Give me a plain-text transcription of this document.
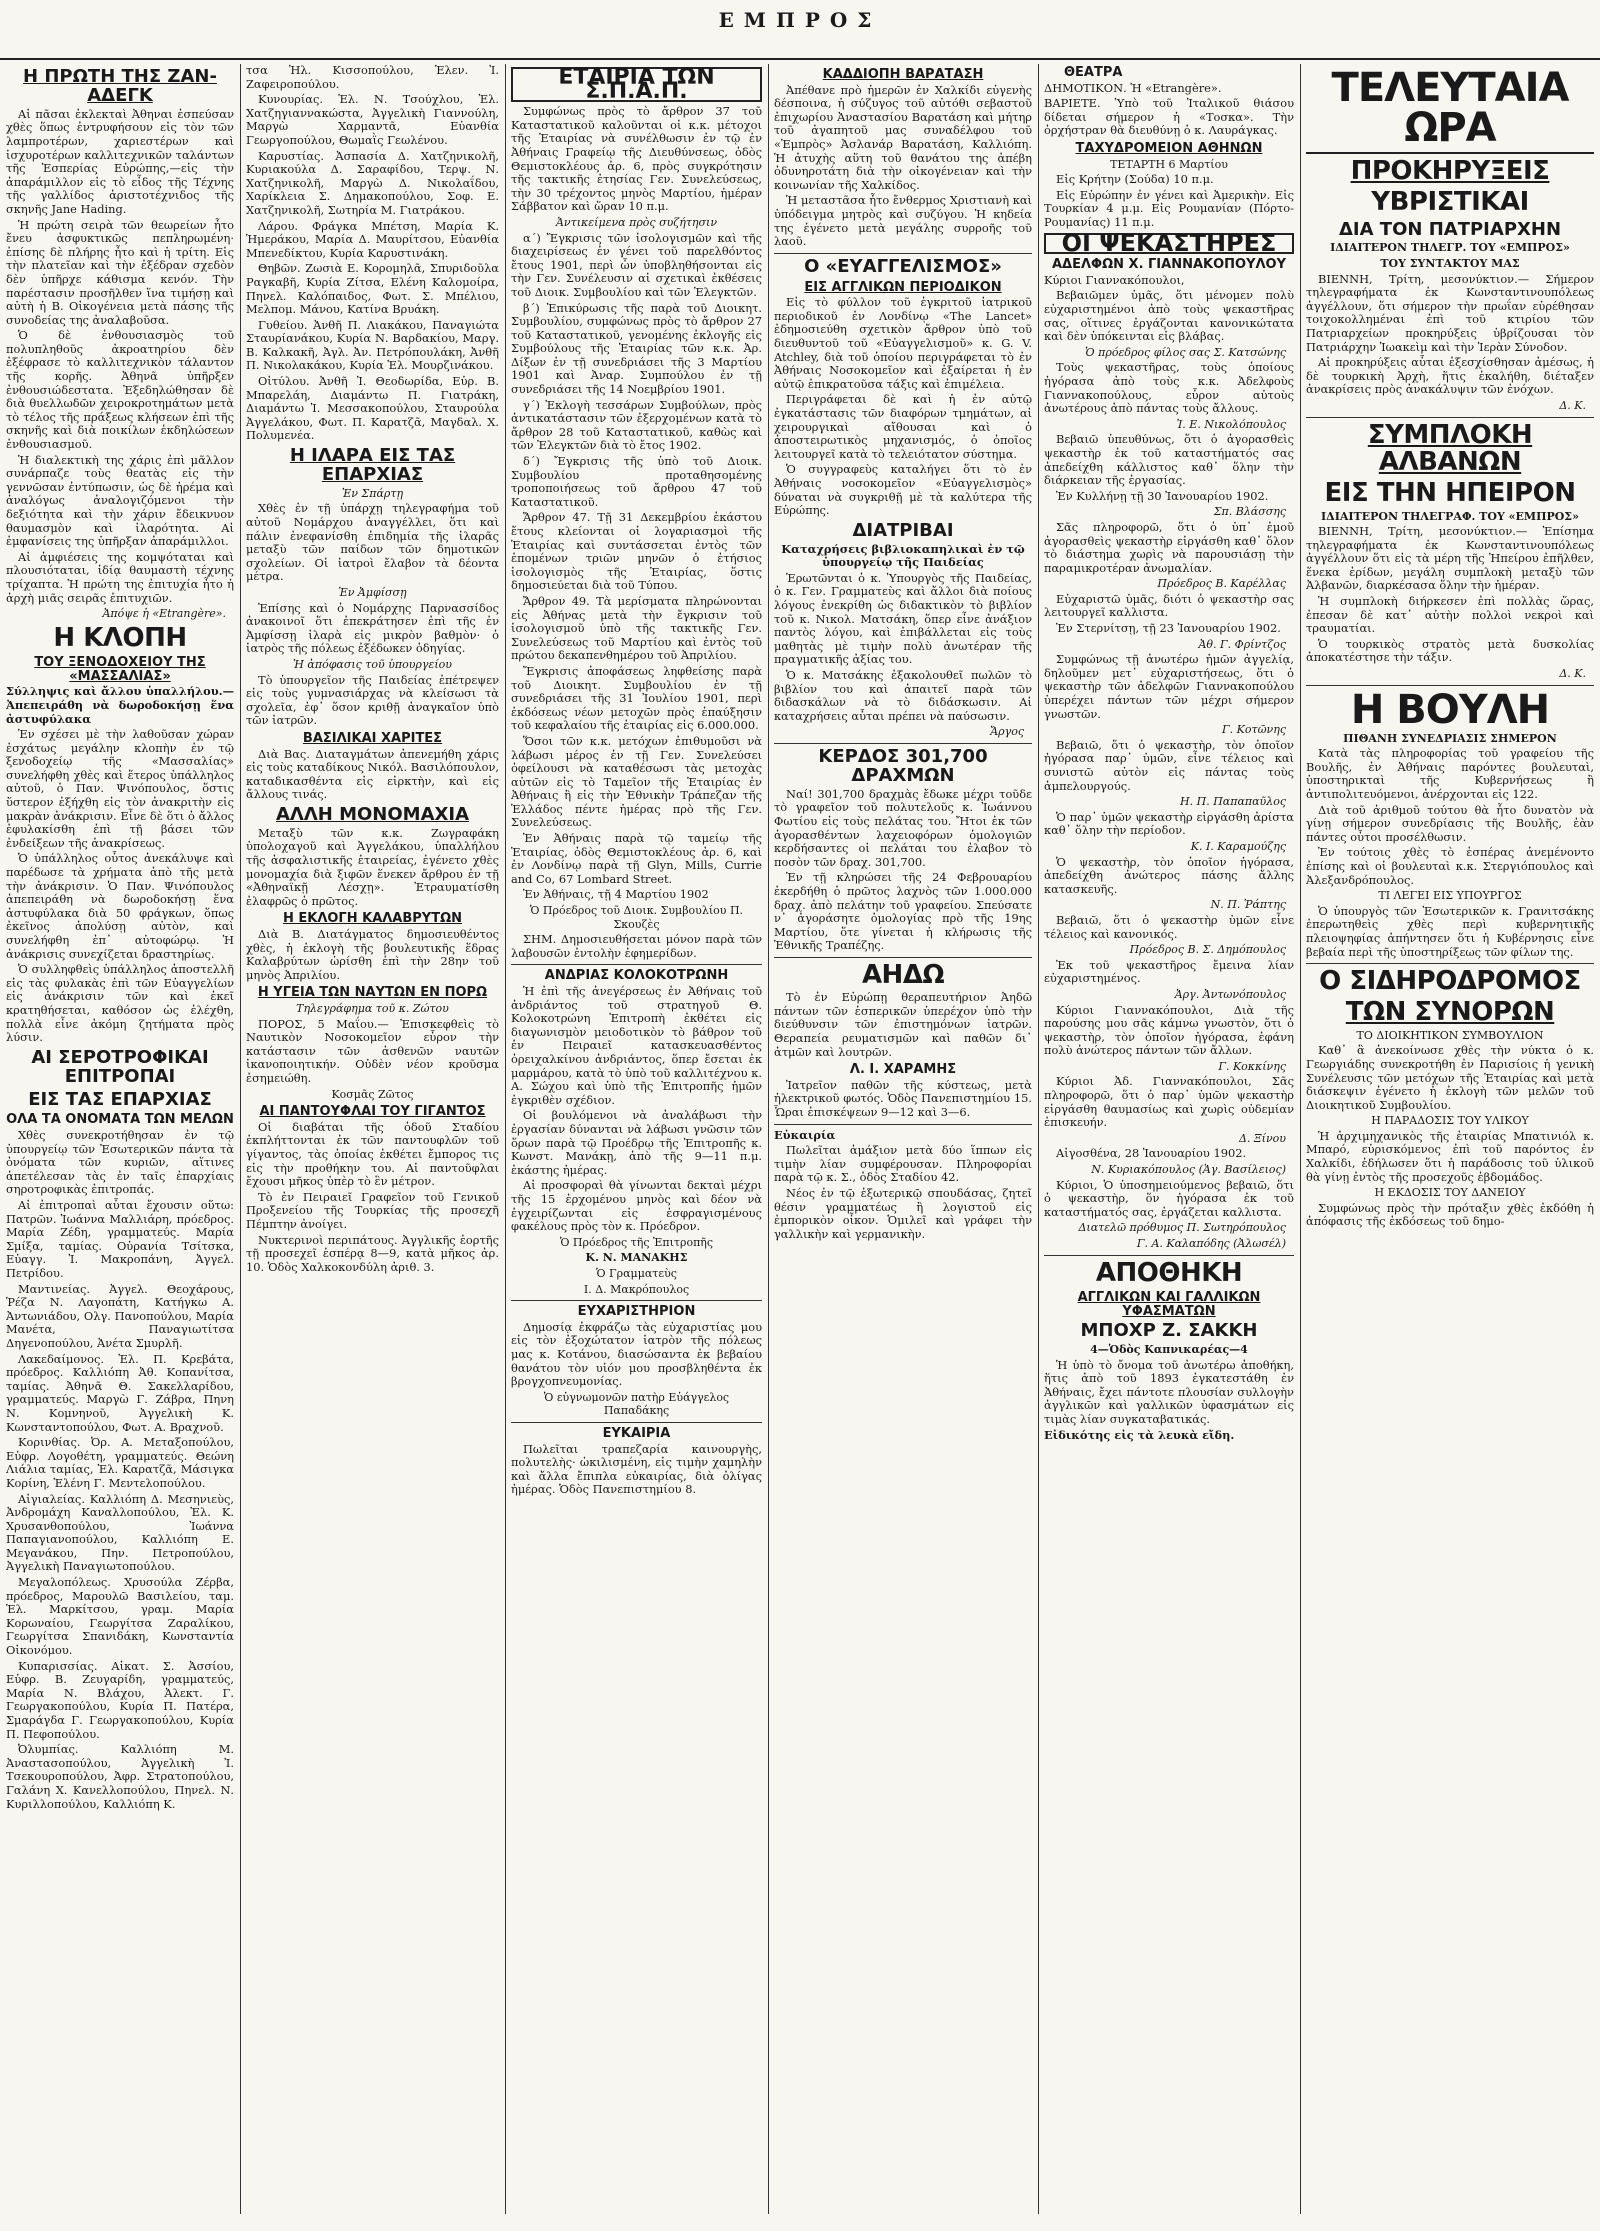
ΕΜΠΡΟΣ
Η ΠΡΩΤΗ ΤΗΣ ΖΑΝ-ΑΔΕΓΚ

Αἱ πᾶσαι ἐκλεκταὶ Ἀθηναι ἐσπεύσαν χθὲς ὅπως ἐντρυφήσουν εἰς τὸν τῶν λαμπροτέρων, χαριεστέρων καὶ ἰσχυροτέρων καλλιτεχνικῶν ταλάντων τῆς Ἑσπερίας Εὐρώπης,—εἰς τὴν ἀπαράμιλλον εἰς τὸ εἶδος τῆς Τέχνης τῆς γαλλίδος ἀριστοτέχνιδος τῆς σκηνῆς Jane Hading.

Ἡ πρώτη σειρὰ τῶν θεωρείων ἦτο ἔνευ ἀσφυκτικῶς πεπληρωμένη· ἐπίσης δὲ πλήρης ἦτο καὶ ἡ τρίτη. Εἰς τὴν πλατεῖαν καὶ τὴν ἐξέδραν σχεδὸν δὲν ὑπῆρχε κάθισμα κενόν. Τὴν παρέστασιν προσῆλθεν ἵνα τιμήσῃ καὶ αὐτὴ ἡ Β. Οἰκογένεια μετὰ πάσης τῆς συνοδείας της ἀναλαβοῦσα.

Ὁ δὲ ἐνθουσιασμὸς τοῦ πολυπληθοῦς ἀκροατηρίου δὲν ἐξέφρασε τὸ καλλιτεχνικὸν τάλαντον τῆς κορῆς. Ἀθηνᾶ ὑπῆρξεν ἐνθουσιώδεστατα. Ἐξεδηλώθησαν δὲ διὰ θυελλωδῶν χειροκροτημάτων μετὰ τὸ τέλος τῆς πράξεως κλήσεων ἐπὶ τῆς σκηνῆς καὶ διὰ ποικίλων ἐκδηλώσεων ἐνθουσιασμοῦ.

Ἡ διαλεκτικὴ της χάρις ἐπὶ μᾶλλον συνάρπαζε τοὺς θεατὰς εἰς τὴν γεννῶσαν ἐντύπωσιν, ὡς δὲ ἠρέμα καὶ ἀναλόγως ἀναλογιζόμενοι τὴν δεξιότητα καὶ τὴν χάριν ἔδεικνυον θαυμασμὸν καὶ ἱλαρότητα. Αἱ ἐμφανίσεις της ὑπῆρξαν ἀπαράμιλλοι.

Αἱ ἀμφιέσεις της κομψόταται καὶ πλουσιόταται, ἰδίᾳ θαυμαστὴ τέχνης τρίχαπτα. Ἡ πρώτη της ἐπιτυχία ἦτο ἡ ἀρχὴ μιᾶς σειρᾶς ἐπιτυχιῶν.

Ἀπόψε ἡ «Etrangère».
Η ΚΛΟΠΗ
ΤΟΥ ΞΕΝΟΔΟΧΕΙΟΥ ΤΗΣ «ΜΑΣΣΑΛΙΑΣ»

Σύλληψις καὶ ἄλλου ὑπαλλήλου.—Ἀπεπειράθη νὰ δωροδοκήσῃ ἕνα ἀστυφύλακα

Ἐν σχέσει μὲ τὴν λαθοῦσαν χώραν ἐσχάτως μεγάλην κλοπὴν ἐν τῷ ξενοδοχείῳ τῆς «Μασσαλίας» συνελήφθη χθὲς καὶ ἕτερος ὑπάλληλος αὐτοῦ, ὁ Παν. Ψινόπουλος, ὅστις ὕστερον ἐξήχθη εἰς τὸν ἀνακριτὴν εἰς μακρὰν ἀνάκρισιν. Εἶνε δὲ ὅτι ὁ ἄλλος ἐφυλακίσθη ἐπὶ τῇ βάσει τῶν ἐνδείξεων τῆς ἀνακρίσεως.

Ὁ ὑπάλληλος οὗτος ἀνεκάλυψε καὶ παρέδωσε τὰ χρήματα ἀπὸ τῆς μετὰ τὴν ἀνάκρισιν. Ὁ Παν. Ψινόπουλος ἀπεπειράθη νὰ δωροδοκήσῃ ἕνα ἀστυφύλακα διὰ 50 φράγκων, ὅπως ἐκεῖνος ἀπολύσῃ αὐτὸν, καὶ συνελήφθη ἐπ᾽ αὐτοφώρῳ. Ἡ ἀνάκρισις συνεχίζεται δραστηρίως.

Ὁ συλληφθεὶς ὑπάλληλος ἀποστελλῆ εἰς τὰς φυλακὰς ἐπὶ τῶν Εὐαγγελίων εἰς ἀνάκρισιν τῶν καὶ ἐκεῖ κρατηθήσεται, καθόσον ὡς ἐλέχθη, πολλὰ εἶνε ἀκόμη ζητήματα πρὸς λύσιν.

ΑΙ ΣΕΡΟΤΡΟΦΙΚΑΙ ΕΠΙΤΡΟΠΑΙ
ΕΙΣ ΤΑΣ ΕΠΑΡΧΙΑΣ
ΟΛΑ ΤΑ ΟΝΟΜΑΤΑ ΤΩΝ ΜΕΛΩΝ

Χθὲς συνεκροτήθησαν ἐν τῷ ὑπουργείῳ τῶν Ἐσωτερικῶν πάντα τὰ ὀνόματα τῶν κυριῶν, αἵτινες ἀπετέλεσαν τὰς ἐν ταῖς ἐπαρχίαις σηροτροφικὰς ἐπιτροπάς.

Αἱ ἐπιτροπαὶ αὗται ἔχουσιν οὕτω: Πατρῶν. Ἰωάννα Μαλλιάρη, πρόεδρος. Μαρία Ζέδη, γραμματεύς. Μαρία Σμίξα, ταμίας. Οὐρανία Τσίτσκα, Εὐαγγ. Ἰ. Μακροπάνη, Ἀγγελ. Πετρίδου.

Μαντινείας. Ἀγγελ. Θεοχάρους, Ῥέζα Ν. Λαγοπάτη, Κατήγκω Α. Ἀντωνιάδου, Ολγ. Πανοπούλου, Μαρία Μανέτα, Παναγιωτίτσα Δηγενοπούλου, Ἀνέτα Σμυρλῆ.

Λακεδαίμονος. Ἑλ. Π. Κρεβάτα, πρόεδρος. Καλλιόπη Ἀθ. Κοπανίτσα, ταμίας. Ἀθηνᾶ Θ. Σακελλαρίδου, γραμματεύς. Μαργὼ Γ. Ζάβρα, Πηνη Ν. Κομνηνοῦ, Ἀγγελικὴ Κ. Κωνσταντοπούλου, Φωτ. Α. Βραχνοῦ.

Κορινθίας. Ὀρ. Α. Μεταξοπούλου, Εὐφρ. Λογοθέτη, γραμματεύς. Θεώνη Λιάλια ταμίας, Ἑλ. Καρατζᾶ, Μάσιγκα Κορίνη, Ἑλένη Γ. Μεντελοπούλου.

Αἰγιαλείας. Καλλιόπη Δ. Μεσηνιεὺς, Ἀνδρομάχη Καναλλοπούλου, Ἑλ. Κ. Χρυσανθοπούλου, Ἰωάννα Παπαγιανοπούλου, Καλλιόπη Ε. Μεγανάκου, Πην. Πετροπούλου, Ἀγγελικὴ Παναγιωτοπούλου.

Μεγαλοπόλεως. Χρυσούλα Ζέρβα, πρόεδρος, Μαρουλῶ Βασιλείου, ταμ. Ἑλ. Μαρκίτσου, γραμ. Μαρία Κορωναίου, Γεωργίτσα Ζαραλίκου, Γεωργίτσα Σπανιδάκη, Κωνσταντία Οἰκονόμου.

Κυπαρισσίας. Αἰκατ. Σ. Ἀσσίου, Εὐφρ. Β. Ζευγαρίδη, γραμματεύς, Μαρία Ν. Βλάχου, Ἀλεκτ. Γ. Γεωργακοπούλου, Κυρία Π. Πατέρα, Σμαράγδα Γ. Γεωργακοπούλου, Κυρία Π. Πεφοπούλου.

Ὀλυμπίας. Καλλιόπη Μ. Ἀναστασοπούλου, Ἀγγελικὴ Ἰ. Τσεκουροπούλου, Ἀφρ. Στρατοπούλου, Γαλάνη Χ. Κανελλοπούλου, Πηνελ. Ν. Κυριλλοπούλου, Καλλιόπη Κ.

τσα Ἠλ. Κισσοπούλου, Ἑλεν. Ἰ. Ζαφειροπούλου.

Κυνουρίας. Ἑλ. Ν. Τσούχλου, Ἑλ. Χατζηγιαννακώστα, Ἀγγελικὴ Γιαννούλη, Μαργὼ Χαρμαντᾶ, Εὐανθία Γεωργοπούλου, Θωμαῒς Γεωλένου.

Καρυστίας. Ἀσπασία Δ. Χατζηνικολῆ, Κυριακούλα Δ. Σαραφίδου, Τερψ. Ν. Χατζηνικολῆ, Μαργὼ Δ. Νικολαΐδου, Χαρίκλεια Σ. Δημακοπούλου, Σοφ. Ε. Χατζηνικολῆ, Σωτηρία Μ. Γιατράκου.

Λάρου. Φράγκα Μπέτση, Μαρία Κ. Ἡμεράκου, Μαρία Δ. Μαυρίτσου, Εὐανθία Μπενεδίκτου, Κυρία Καρυστινάκη.

Θηβῶν. Ζωσιὰ Ε. Κορομηλᾶ, Σπυριδοῦλα Ραγκαβῆ, Κυρία Ζίτσα, Ελένη Καλομοίρα, Πηνελ. Καλόπαιδος, Φωτ. Σ. Μπέλιου, Μελπομ. Μάνου, Κατίνα Βρυάκη.

Γυθείου. Ἀνθῆ Π. Λιακάκου, Παναγιώτα Σταυρίανάκου, Κυρία Ν. Βαρδακίου, Μαργ. Β. Καλκακῆ, Ἀγλ. Ἀν. Πετρόπουλάκη, Ἀνθῆ Π. Νικολακάκου, Κυρία Ἑλ. Μουρζινάκου.

Οἰτύλου. Ἀνθῆ Ἰ. Θεοδωρίδα, Εὐρ. Β. Μπαρελάη, Διαμάντω Π. Γιατράκη, Διαμάντω Ἰ. Μεσσακοπούλου, Σταυρούλα Ἀγγελάκου, Φωτ. Π. Καρατζᾶ, Μαγδαλ. Χ. Πολυμενέα.

Η ΙΛΑΡΑ ΕΙΣ ΤΑΣ ΕΠΑΡΧΙΑΣ
Ἐν Σπάρτῃ

Χθὲς ἐν τῇ ὑπάρχῃ τηλεγραφήμα τοῦ αὐτοῦ Νομάρχου ἀναγγέλλει, ὅτι καὶ πάλιν ἐνεφανίσθη ἐπιδημία τῆς ἱλαρᾶς μεταξὺ τῶν παίδων τῶν δημοτικῶν σχολείων. Οἱ ἰατροὶ ἔλαβον τὰ δέοντα μέτρα.

Ἐν Ἀμφίσσῃ

Ἐπίσης καὶ ὁ Νομάρχης Παρνασσίδος ἀνακοινοῖ ὅτι ἐπεκράτησεν ἐπὶ τῆς ἐν Ἀμφίσσῃ ἱλαρὰ εἰς μικρὸν βαθμὸν· ὁ ἰατρὸς τῆς πόλεως ἐξέδωκεν ὁδηγίας.

Ἡ ἀπόφασις τοῦ ὑπουργείου

Τὸ ὑπουργεῖον τῆς Παιδείας ἐπέτρεψεν εἰς τοὺς γυμνασιάρχας νὰ κλείσωσι τὰ σχολεῖα, ἐφ᾽ ὅσον κριθῇ ἀναγκαῖον ὑπὸ τῶν ἰατρῶν.

ΒΑΣΙΛΙΚΑΙ ΧΑΡΙΤΕΣ

Διὰ Βας. Διαταγμάτων ἀπενεμήθη χάρις εἰς τοὺς καταδίκους Νικόλ. Βασιλόπουλον, καταδικασθέντα εἰς εἰρκτὴν, καὶ εἰς ἄλλους τινάς.

ΑΛΛΗ ΜΟΝΟΜΑΧΙΑ

Μεταξὺ τῶν κ.κ. Ζωγραφάκη ὑπολοχαγοῦ καὶ Ἀγγελάκου, ὑπαλλήλου τῆς ἀσφαλιστικῆς ἑταιρείας, ἐγένετο χθὲς μονομαχία διὰ ξιφῶν ἕνεκεν ἄρθρου ἐν τῇ «Ἀθηναϊκῇ Λέσχῃ». Ἐτραυματίσθη ἐλαφρῶς ὁ πρῶτος.

Η ΕΚΛΟΓΗ ΚΑΛΑΒΡΥΤΩΝ

Διὰ Β. Διατάγματος δημοσιευθέντος χθὲς, ἡ ἐκλογὴ τῆς βουλευτικῆς ἕδρας Καλαβρύτων ὡρίσθη ἐπὶ τὴν 28ην τοῦ μηνὸς Ἀπριλίου.

Η ΥΓΕΙΑ ΤΩΝ ΝΑΥΤΩΝ ΕΝ ΠΟΡΩ
Τηλεγράφημα τοῦ κ. Ζώτου

ΠΟΡΟΣ, 5 Μαΐου.— Ἐπισκεφθεὶς τὸ Ναυτικὸν Νοσοκομεῖον εὗρον τὴν κατάστασιν τῶν ἀσθενῶν ναυτῶν ἱκανοποιητικήν. Οὐδὲν νέον κροῦσμα ἐσημειώθη.

Κοσμᾶς Ζῶτος
ΑΙ ΠΑΝΤΟΥΦΛΑΙ ΤΟΥ ΓΙΓΑΝΤΟΣ

Οἱ διαβάται τῆς ὁδοῦ Σταδίου ἐκπλήττονται ἐκ τῶν παντουφλῶν τοῦ γίγαντος, τὰς ὁποίας ἐκθέτει ἔμπορος τις εἰς τὴν προθήκην του. Αἱ παντοῦφλαι ἔχουσι μῆκος ὑπὲρ τὸ ἓν μέτρον.

Τὸ ἐν Πειραιεῖ Γραφεῖον τοῦ Γενικοῦ Προξενείου τῆς Τουρκίας τῆς προσεχῆ Πέμπτην ἀνοίγει.

Νυκτερινοὶ περιπάτους. Ἀγγλικῆς ἑορτῆς τῇ προσεχεῖ ἑσπέρᾳ 8—9, κατὰ μῆκος ἀρ. 10. Ὁδὸς Χαλκοκονδύλη ἀριθ. 3.

ΕΤΑΙΡΙΑ ΤΩΝ Σ.Π.Α.Π.

Συμφώνως πρὸς τὸ ἄρθρον 37 τοῦ Καταστατικοῦ καλοῦνται οἱ κ.κ. μέτοχοι τῆς Ἑταιρίας νὰ συνέλθωσιν ἐν τῷ ἐν Ἀθήναις Γραφείῳ τῆς Διευθύνσεως, ὁδὸς Θεμιστοκλέους ἀρ. 6, πρὸς συγκρότησιν τῆς τακτικῆς ἐτησίας Γεν. Συνελεύσεως, τὴν 30 τρέχοντος μηνὸς Μαρτίου, ἡμέραν Σάββατον καὶ ὥραν 10 π.μ.

Ἀντικείμενα πρὸς συζήτησιν

α΄) Ἔγκρισις τῶν ἰσολογισμῶν καὶ τῆς διαχειρίσεως ἐν γένει τοῦ παρελθόντος ἔτους 1901, περὶ ὧν ὑποβληθήσονται εἰς τὴν Γεν. Συνέλευσιν αἱ σχετικαὶ ἐκθέσεις τοῦ Διοικ. Συμβουλίου καὶ τῶν Ἐλεγκτῶν.

β΄) Ἐπικύρωσις τῆς παρὰ τοῦ Διοικητ. Συμβουλίου, συμφώνως πρὸς τὸ ἄρθρον 27 τοῦ Καταστατικοῦ, γενομένης ἐκλογῆς εἰς Συμβούλους τῆς Ἑταιρίας τῶν κ.κ. Ἀρ. Δίξων ἐν τῇ συνεδριάσει τῆς 3 Μαρτίου 1901 καὶ Ἀναρ. Συμπούλου ἐν τῇ συνεδριάσει τῆς 14 Νοεμβρίου 1901.

γ΄) Ἐκλογὴ τεσσάρων Συμβούλων, πρὸς ἀντικατάστασιν τῶν ἐξερχομένων κατὰ τὸ ἄρθρον 28 τοῦ Καταστατικοῦ, καθὼς καὶ τῶν Ἐλεγκτῶν διὰ τὸ ἔτος 1902.

δ΄) Ἔγκρισις τῆς ὑπὸ τοῦ Διοικ. Συμβουλίου προταθησομένης τροποποιήσεως τοῦ ἄρθρου 47 τοῦ Καταστατικοῦ.

Ἄρθρον 47. Τῇ 31 Δεκεμβρίου ἑκάστου ἔτους κλείονται οἱ λογαριασμοὶ τῆς Ἑταιρίας καὶ συντάσσεται ἐντὸς τῶν ἑπομένων τριῶν μηνῶν ὁ ἐτήσιος ἰσολογισμὸς τῆς Ἑταιρίας, ὅστις δημοσιεύεται διὰ τοῦ Τύπου.

Ἄρθρον 49. Τὰ μερίσματα πληρώνονται εἰς Ἀθήνας μετὰ τὴν ἔγκρισιν τοῦ ἰσολογισμοῦ ὑπὸ τῆς τακτικῆς Γεν. Συνελεύσεως τοῦ Μαρτίου καὶ ἐντὸς τοῦ πρώτου δεκαπενθημέρου τοῦ Ἀπριλίου.

Ἔγκρισις ἀποφάσεως ληφθείσης παρὰ τοῦ Διοικητ. Συμβουλίου ἐν τῇ συνεδριάσει τῆς 31 Ἰουλίου 1901, περὶ ἐκδόσεως νέων μετοχῶν πρὸς ἐπαύξησιν τοῦ κεφαλαίου τῆς ἑταιρίας εἰς 6.000.000.

Ὅσοι τῶν κ.κ. μετόχων ἐπιθυμοῦσι νὰ λάβωσι μέρος ἐν τῇ Γεν. Συνελεύσει ὀφείλουσι νὰ καταθέσωσι τὰς μετοχὰς αὐτῶν εἰς τὸ Ταμεῖον τῆς Ἑταιρίας ἐν Ἀθήναις ἢ εἰς τὴν Ἐθνικὴν Τράπεζαν τῆς Ἑλλάδος πέντε ἡμέρας πρὸ τῆς Γεν. Συνελεύσεως.

Ἐν Ἀθήναις παρὰ τῷ ταμείῳ τῆς Ἑταιρίας, ὁδὸς Θεμιστοκλέους ἀρ. 6, καὶ ἐν Λονδίνῳ παρὰ τῇ Glyn, Mills, Currie and Co, 67 Lombard Street.

Ἐν Ἀθήναις, τῇ 4 Μαρτίου 1902

Ὁ Πρόεδρος τοῦ Διοικ. Συμβουλίου Π. Σκουζὲς

ΣΗΜ. Δημοσιευθήσεται μόνον παρὰ τῶν λαβουσῶν ἐντολὴν ἐφημερίδων.

ΑΝΔΡΙΑΣ ΚΟΛΟΚΟΤΡΩΝΗ

Ἡ ἐπὶ τῆς ἀνεγέρσεως ἐν Ἀθήναις τοῦ ἀνδριάντος τοῦ στρατηγοῦ Θ. Κολοκοτρώνη Ἐπιτροπὴ ἐκθέτει εἰς διαγωνισμὸν μειοδοτικὸν τὸ βάθρον τοῦ ἐν Πειραιεῖ κατασκευασθέντος ὀρειχαλκίνου ἀνδριάντος, ὅπερ ἔσεται ἐκ μαρμάρου, κατὰ τὸ ὑπὸ τοῦ καλλιτέχνου κ. Α. Σώχου καὶ ὑπὸ τῆς Ἐπιτροπῆς ἡμῶν ἐγκριθὲν σχέδιον.

Οἱ βουλόμενοι νὰ ἀναλάβωσι τὴν ἐργασίαν δύνανται νὰ λάβωσι γνῶσιν τῶν ὅρων παρὰ τῷ Προέδρῳ τῆς Ἐπιτροπῆς κ. Κωνστ. Μανάκῃ, ἀπὸ τῆς 9—11 π.μ. ἑκάστης ἡμέρας.

Αἱ προσφοραὶ θὰ γίνωνται δεκταὶ μέχρι τῆς 15 ἐρχομένου μηνὸς καὶ δέον νὰ ἐγχειρίζωνται εἰς ἐσφραγισμένους φακέλους πρὸς τὸν κ. Πρόεδρον.

Ὁ Πρόεδρος τῆς Ἐπιτροπῆς
Κ. Ν. ΜΑΝΑΚΗΣ
Ὁ Γραμματεὺς
Ι. Δ. Μακρόπουλος
ΕΥΧΑΡΙΣΤΗΡΙΟΝ

Δημοσίᾳ ἐκφράζω τὰς εὐχαριστίας μου εἰς τὸν ἐξοχώτατον ἰατρὸν τῆς πόλεως μας κ. Κοτάνου, διασώσαντα ἐκ βεβαίου θανάτου τὸν υἱόν μου προσβληθέντα ἐκ βρογχοπνευμονίας.

Ὁ εὐγνωμονῶν πατὴρ Εὐάγγελος Παπαδάκης
ΕΥΚΑΙΡΙΑ

Πωλεῖται τραπεζαρία καινουργὴς, πολυτελὴς· ὠκιλισμένη, εἰς τιμὴν χαμηλὴν καὶ ἄλλα ἔπιπλα εὐκαιρίας, διὰ ὀλίγας ἡμέρας. Ὁδὸς Πανεπιστημίου 8.

ΚΑΔΔΙΟΠΗ ΒΑΡΑΤΑΣΗ

Ἀπέθανε πρὸ ἡμερῶν ἐν Χαλκίδι εὐγενὴς δέσποινα, ἡ σύζυγος τοῦ αὐτόθι σεβαστοῦ ἐπιχωρίου Ἀναστασίου Βαρατάση καὶ μήτηρ τοῦ ἀγαπητοῦ μας συναδέλφου τοῦ «Ἐμπρὸς» Ἀσλανάρ Βαρατάση, Καλλιόπη. Ἡ ἀτυχὴς αὕτη τοῦ θανάτου της ἀπέβη ὀδυνηροτάτη διὰ τὴν οἰκογένειαν καὶ τὴν κοινωνίαν τῆς Χαλκίδος.

Ἡ μεταστᾶσα ἦτο ἔνθερμος Χριστιανὴ καὶ ὑπόδειγμα μητρὸς καὶ συζύγου. Ἡ κηδεία της ἐγένετο μετὰ μεγάλης συρροῆς τοῦ λαοῦ.

Ο «ΕΥΑΓΓΕΛΙΣΜΟΣ»
ΕΙΣ ΑΓΓΛΙΚΩΝ ΠΕΡΙΟΔΙΚΟΝ

Εἰς τὸ φύλλον τοῦ ἐγκριτοῦ ἰατρικοῦ περιοδικοῦ ἐν Λονδίνῳ «The Lancet» ἐδημοσιεύθη σχετικὸν ἄρθρον ὑπὸ τοῦ διευθυντοῦ τοῦ «Εὐαγγελισμοῦ» κ. G. V. Atchley, διὰ τοῦ ὁποίου περιγράφεται τὸ ἐν Ἀθήναις Νοσοκομεῖον καὶ ἐξαίρεται ἡ ἐν αὐτῷ ἐπικρατοῦσα τάξις καὶ ἐπιμέλεια.

Περιγράφεται δὲ καὶ ἡ ἐν αὐτῷ ἐγκατάστασις τῶν διαφόρων τμημάτων, αἱ χειρουργικαὶ αἴθουσαι καὶ ὁ ἀποστειρωτικὸς μηχανισμός, ὁ ὁποῖος λειτουργεῖ κατὰ τὸ τελειότατον σύστημα.

Ὁ συγγραφεὺς καταλήγει ὅτι τὸ ἐν Ἀθήναις νοσοκομεῖον «Εὐαγγελισμὸς» δύναται νὰ συγκριθῇ μὲ τὰ καλύτερα τῆς Εὐρώπης.

ΔΙΑΤΡΙΒΑΙ

Καταχρήσεις βιβλιοκαπηλικαὶ ἐν τῷ ὑπουργείῳ τῆς Παιδείας

Ἐρωτῶνται ὁ κ. Ὑπουργὸς τῆς Παιδείας, ὁ κ. Γεν. Γραμματεὺς καὶ ἄλλοι διὰ ποίους λόγους ἐνεκρίθη ὡς διδακτικὸν τὸ βιβλίον τοῦ κ. Νικολ. Ματσάκη, ὅπερ εἶνε ἀνάξιον παντὸς λόγου, καὶ ἐπιβάλλεται εἰς τοὺς μαθητὰς μὲ τιμὴν πολὺ ἀνωτέραν τῆς πραγματικῆς ἀξίας του.

Ὁ κ. Ματσάκης ἐξακολουθεῖ πωλῶν τὸ βιβλίον του καὶ ἀπαιτεῖ παρὰ τῶν διδασκάλων νὰ τὸ διδάσκωσιν. Αἱ καταχρήσεις αὗται πρέπει νὰ παύσωσιν.

Ἄργος
ΚΕΡΔΟΣ 301,700 ΔΡΑΧΜΩΝ

Ναί! 301,700 δραχμὰς ἔδωκε μέχρι τοῦδε τὸ γραφεῖον τοῦ πολυτελοῦς κ. Ἰωάννου Φωτίου εἰς τοὺς πελάτας του. Ἤτοι ἐκ τῶν ἀγορασθέντων λαχειοφόρων ὁμολογιῶν κερδήσαντες οἱ πελάται του ἐλαβον τὸ ποσὸν τῶν δραχ. 301,700.

Ἐν τῇ κληρώσει τῆς 24 Φεβρουαρίου ἐκερδήθη ὁ πρῶτος λαχνὸς τῶν 1.000.000 δραχ. ἀπὸ πελάτην τοῦ γραφείου. Σπεύσατε ν᾽ ἀγοράσητε ὁμολογίας πρὸ τῆς 19ης Μαρτίου, ὅτε γίνεται ἡ κλήρωσις τῆς Ἐθνικῆς Τραπέζης.

ΑΗΔΩ

Τὸ ἐν Εὐρώπῃ θεραπευτήριον Ἀηδῶ πάντων τῶν ἑσπερικῶν ὑπερέχον ὑπὸ τὴν διεύθυνσιν τῶν ἐπιστημόνων ἰατρῶν. Θεραπεία ρευματισμῶν καὶ παθῶν δι᾽ ἀτμῶν καὶ λουτρῶν.

Λ. Ι. ΧΑΡΑΜΗΣ

Ἰατρεῖον παθῶν τῆς κύστεως, μετὰ ἠλεκτρικοῦ φωτός. Ὁδὸς Πανεπιστημίου 15. Ὧραι ἐπισκέψεων 9—12 καὶ 3—6.

Εὐκαιρία

Πωλεῖται ἁμάξιον μετὰ δύο ἵππων εἰς τιμὴν λίαν συμφέρουσαν. Πληροφορίαι παρὰ τῷ κ. Σ., ὁδὸς Σταδίου 42.

Νέος ἐν τῷ ἐξωτερικῷ σπουδάσας, ζητεῖ θέσιν γραμματέως ἢ λογιστοῦ εἰς ἐμπορικὸν οἶκον. Ὁμιλεῖ καὶ γράφει τὴν γαλλικὴν καὶ γερμανικὴν.

ΘΕΑΤΡΑ

ΔΗΜΟΤΙΚΟΝ. Ἡ «Etrangère».

ΒΑΡΙΕΤΕ. Ὑπὸ τοῦ Ἰταλικοῦ θιάσου δίδεται σήμερον ἡ «Τοσκα». Τὴν ὀρχήστραν θὰ διευθύνῃ ὁ κ. Λαυράγκας.

ΤΑΧΥΔΡΟΜΕΙΟΝ ΑΘΗΝΩΝ
ΤΕΤΑΡΤΗ 6 Μαρτίου

Εἰς Κρήτην (Σούδα) 10 π.μ.

Εἰς Εὐρώπην ἐν γένει καὶ Ἀμερικὴν. Εἰς Τουρκίαν 4 μ.μ. Εἰς Ρουμανίαν (Πόρτο-Ρουμανίας) 11 π.μ.

ΟΙ ΨΕΚΑΣΤΗΡΕΣ
ΑΔΕΛΦΩΝ Χ. ΓΙΑΝΝΑΚΟΠΟΥΛΟΥ

Κύριοι Γιαννακόπουλοι,

Βεβαιῶμεν ὑμᾶς, ὅτι μένομεν πολὺ εὐχαριστημένοι ἀπὸ τοὺς ψεκαστῆρας σας, οἵτινες ἐργάζονται κανονικώτατα καὶ δὲν ὑπόκεινται εἰς βλάβας.

Ὁ πρόεδρος φίλος σας Σ. Κατσώνης

Τοὺς ψεκαστῆρας, τοὺς ὁποίους ἠγόρασα ἀπὸ τοὺς κ.κ. Ἀδελφοὺς Γιαννακοπούλους, εὗρον αὐτοὺς ἀνωτέρους ἀπὸ πάντας τοὺς ἄλλους.

Ἰ. Ε. Νικολόπουλος

Βεβαιῶ ὑπευθύνως, ὅτι ὁ ἀγορασθεὶς ψεκαστὴρ ἐκ τοῦ καταστήματός σας ἀπεδείχθη κάλλιστος καθ᾽ ὅλην τὴν διάρκειαν τῆς ἐργασίας.

Ἐν Κυλλήνῃ τῇ 30 Ἰανουαρίου 1902.

Σπ. Βλάσσης

Σᾶς πληροφορῶ, ὅτι ὁ ὑπ᾽ ἐμοῦ ἀγορασθεὶς ψεκαστὴρ εἰργάσθη καθ᾽ ὅλον τὸ διάστημα χωρὶς νὰ παρουσιάσῃ τὴν παραμικροτέραν ἀνωμαλίαν.

Πρόεδρος Β. Καρέλλας

Εὐχαριστῶ ὑμᾶς, διότι ὁ ψεκαστὴρ σας λειτουργεῖ καλλιστα.

Ἐν Στερνίτσῃ, τῇ 23 Ἰανουαρίου 1902.

Ἀθ. Γ. Φρίντζος

Συμφώνως τῇ ἀνωτέρω ἡμῶν ἀγγελίᾳ, δηλοῦμεν μετ᾽ εὐχαριστήσεως, ὅτι ὁ ψεκαστὴρ τῶν ἀδελφῶν Γιαννακοπούλου ὑπερέχει πάντων τῶν μέχρι σήμερον γνωστῶν.

Γ. Κοτῶνης

Βεβαιῶ, ὅτι ὁ ψεκαστὴρ, τὸν ὁποῖον ἠγόρασα παρ᾽ ὑμῶν, εἶνε τέλειος καὶ συνιστῶ αὐτὸν εἰς πάντας τοὺς ἀμπελουργούς.

Η. Π. Παπαπαῦλος

Ὁ παρ᾽ ὑμῶν ψεκαστὴρ εἰργάσθη ἀρίστα καθ᾽ ὅλην τὴν περίοδον.

Κ. Ι. Καραμούζης

Ὁ ψεκαστὴρ, τὸν ὁποῖον ἠγόρασα, ἀπεδείχθη ἀνώτερος πάσης ἄλλης κατασκευῆς.

Ν. Π. Ῥάπτης

Βεβαιῶ, ὅτι ὁ ψεκαστὴρ ὑμῶν εἶνε τέλειος καὶ κανονικός.

Πρόεδρος Β. Σ. Δημόπουλος

Ἐκ τοῦ ψεκαστῆρος ἔμεινα λίαν εὐχαριστημένος.

Ἀργ. Ἀντωνόπουλος

Κύριοι Γιαννακόπουλοι, Διὰ τῆς παρούσης μου σᾶς κάμνω γνωστὸν, ὅτι ὁ ψεκαστὴρ, τὸν ὁποῖον ἠγόρασα, ἐφάνη πολὺ ἀνώτερος πάντων τῶν ἄλλων.

Γ. Κοκκίνης

Κύριοι Ἀδ. Γιαννακόπουλοι, Σᾶς πληροφορῶ, ὅτι ὁ παρ᾽ ὑμῶν ψεκαστὴρ εἰργάσθη θαυμασίως καὶ χωρὶς οὐδεμίαν ἐπισκευήν.

Δ. Ξίνου

Αἰγοσθένα, 28 Ἰανουαρίου 1902.

Ν. Κυριακόπουλος (Ἁγ. Βασίλειος)

Κύριοι, Ὁ ὑποσημειούμενος βεβαιῶ, ὅτι ὁ ψεκαστὴρ, ὅν ἠγόρασα ἐκ τοῦ καταστήματός σας, ἐργάζεται καλλιστα.

Διατελῶ πρόθυμος Π. Σωτηρόπουλος
Γ. Α. Καλαπόδης (Ἀλωσέλ)
ΑΠΟΘΗΚΗ
ΑΓΓΛΙΚΩΝ ΚΑΙ ΓΑΛΛΙΚΩΝ ΥΦΑΣΜΑΤΩΝ
ΜΠΟΧΡ Ζ. ΣΑΚΚΗ
4—Ὁδὸς Καπνικαρέας—4

Ἡ ὑπὸ τὸ ὄνομα τοῦ ἀνωτέρω ἀποθήκη, ἥτις ἀπὸ τοῦ 1893 ἐγκατεστάθη ἐν Ἀθήναις, ἔχει πάντοτε πλουσίαν συλλογὴν ἀγγλικῶν καὶ γαλλικῶν ὑφασμάτων εἰς τιμὰς λίαν συγκαταβατικάς.

Εἰδικότης εἰς τὰ λευκὰ εἴδη.

ΤΕΛΕΥΤΑΙΑ ΩΡΑ
ΠΡΟΚΗΡΥΞΕΙΣ
ΥΒΡΙΣΤΙΚΑΙ
ΔΙΑ ΤΟΝ ΠΑΤΡΙΑΡΧΗΝ
ΙΔΙΑΙΤΕΡΟΝ ΤΗΛΕΓΡ. ΤΟΥ «ΕΜΠΡΟΣ»
ΤΟΥ ΣΥΝΤΑΚΤΟΥ ΜΑΣ

ΒΙΕΝΝΗ, Τρίτη, μεσονύκτιον.— Σήμερον τηλεγραφήματα ἐκ Κωνσταντινουπόλεως ἀγγέλλουν, ὅτι σήμερον τὴν πρωΐαν εὑρέθησαν τοιχοκολλημέναι ἐπὶ τοῦ κτιρίου τῶν Πατριαρχείων προκηρύξεις ὑβρίζουσαι τὸν Πατριάρχην Ἰωακεὶμ καὶ τὴν Ἱερὰν Σύνοδον.

Αἱ προκηρύξεις αὗται ἐξεσχίσθησαν ἀμέσως, ἡ δὲ τουρκικὴ Ἀρχὴ, ἥτις ἐκαλήθη, διέταξεν ἀνακρίσεις πρὸς ἀνακάλυψιν τῶν ἐνόχων.

Δ. Κ.
ΣΥΜΠΛΟΚΗ ΑΛΒΑΝΩΝ
ΕΙΣ ΤΗΝ ΗΠΕΙΡΟΝ
ΙΔΙΑΙΤΕΡΟΝ ΤΗΛΕΓΡΑΦ. ΤΟΥ «ΕΜΠΡΟΣ»

ΒΙΕΝΝΗ, Τρίτη, μεσονύκτιον.— Ἐπίσημα τηλεγραφήματα ἐκ Κωνσταντινουπόλεως ἀγγέλλουν ὅτι εἰς τὰ μέρη τῆς Ἠπείρου ἐπῆλθεν, ἕνεκα ἐρίδων, μεγάλη συμπλοκὴ μεταξὺ τῶν Ἀλβανῶν, διαρκέσασα ὅλην τὴν ἡμέραν.

Ἡ συμπλοκὴ διήρκεσεν ἐπὶ πολλὰς ὥρας, ἐπεσαν δὲ κατ᾽ αὐτὴν πολλοὶ νεκροὶ καὶ τραυματίαι.

Ὁ τουρκικὸς στρατὸς μετὰ δυσκολίας ἀποκατέστησε τὴν τάξιν.

Δ. Κ.
Η ΒΟΥΛΗ
ΠΙΘΑΝΗ ΣΥΝΕΔΡΙΑΣΙΣ ΣΗΜΕΡΟΝ

Κατὰ τὰς πληροφορίας τοῦ γραφείου τῆς Βουλῆς, ἐν Ἀθήναις παρόντες βουλευταὶ, ὑποστηρικταὶ τῆς Κυβερνήσεως ἢ ἀντιπολιτευόμενοι, ἀνέρχονται εἰς 122.

Διὰ τοῦ ἀριθμοῦ τούτου θὰ ἦτο δυνατὸν νὰ γίνῃ σήμερον συνεδρίασις τῆς Βουλῆς, ἐὰν πάντες οὗτοι προσέλθωσιν.

Ἐν τούτοις χθὲς τὸ ἑσπέρας ἀνεμένοντο ἐπίσης καὶ οἱ βουλευταὶ κ.κ. Στεργιόπουλος καὶ Ἀλεξανδρόπουλος.

ΤΙ ΛΕΓΕΙ ΕΙΣ ΥΠΟΥΡΓΟΣ

Ὁ ὑπουργὸς τῶν Ἐσωτερικῶν κ. Γρανιτσάκης ἐπερωτηθεὶς χθὲς περὶ κυβερνητικῆς πλειοψηφίας ἀπήντησεν ὅτι ἡ Κυβέρνησις εἶνε βεβαία περὶ τῆς ὑποστηρίξεως τῶν φίλων της.

Ο ΣΙΔΗΡΟΔΡΟΜΟΣ
ΤΩΝ ΣΥΝΟΡΩΝ
ΤΟ ΔΙΟΙΚΗΤΙΚΟΝ ΣΥΜΒΟΥΛΙΟΝ

Καθ᾽ ἃ ἀνεκοίνωσε χθὲς τὴν νύκτα ὁ κ. Γεωργιάδης συνεκροτήθη ἐν Παρισίοις ἡ γενικὴ Συνέλευσις τῶν μετόχων τῆς Ἑταιρίας καὶ μετὰ διάσκεψιν ἐγένετο ἡ ἐκλογὴ τῶν μελῶν τοῦ Διοικητικοῦ Συμβουλίου.

Η ΠΑΡΑΔΟΣΙΣ ΤΟΥ ΥΛΙΚΟΥ

Ἡ ἀρχιμηχανικὸς τῆς ἑταιρίας Μπατινιόλ κ. Μπαρό, εὑρισκόμενος ἐπὶ τοῦ παρόντος ἐν Χαλκίδι, ἐδήλωσεν ὅτι ἡ παράδοσις τοῦ ὑλικοῦ θὰ γίνῃ ἐντὸς τῆς προσεχοῦς ἑβδομάδος.

Η ΕΚΔΟΣΙΣ ΤΟΥ ΔΑΝΕΙΟΥ

Συμφώνως πρὸς τὴν πρόταξιν χθὲς ἐκδόθη ἡ ἀπόφασις τῆς ἐκδόσεως τοῦ δημο-
